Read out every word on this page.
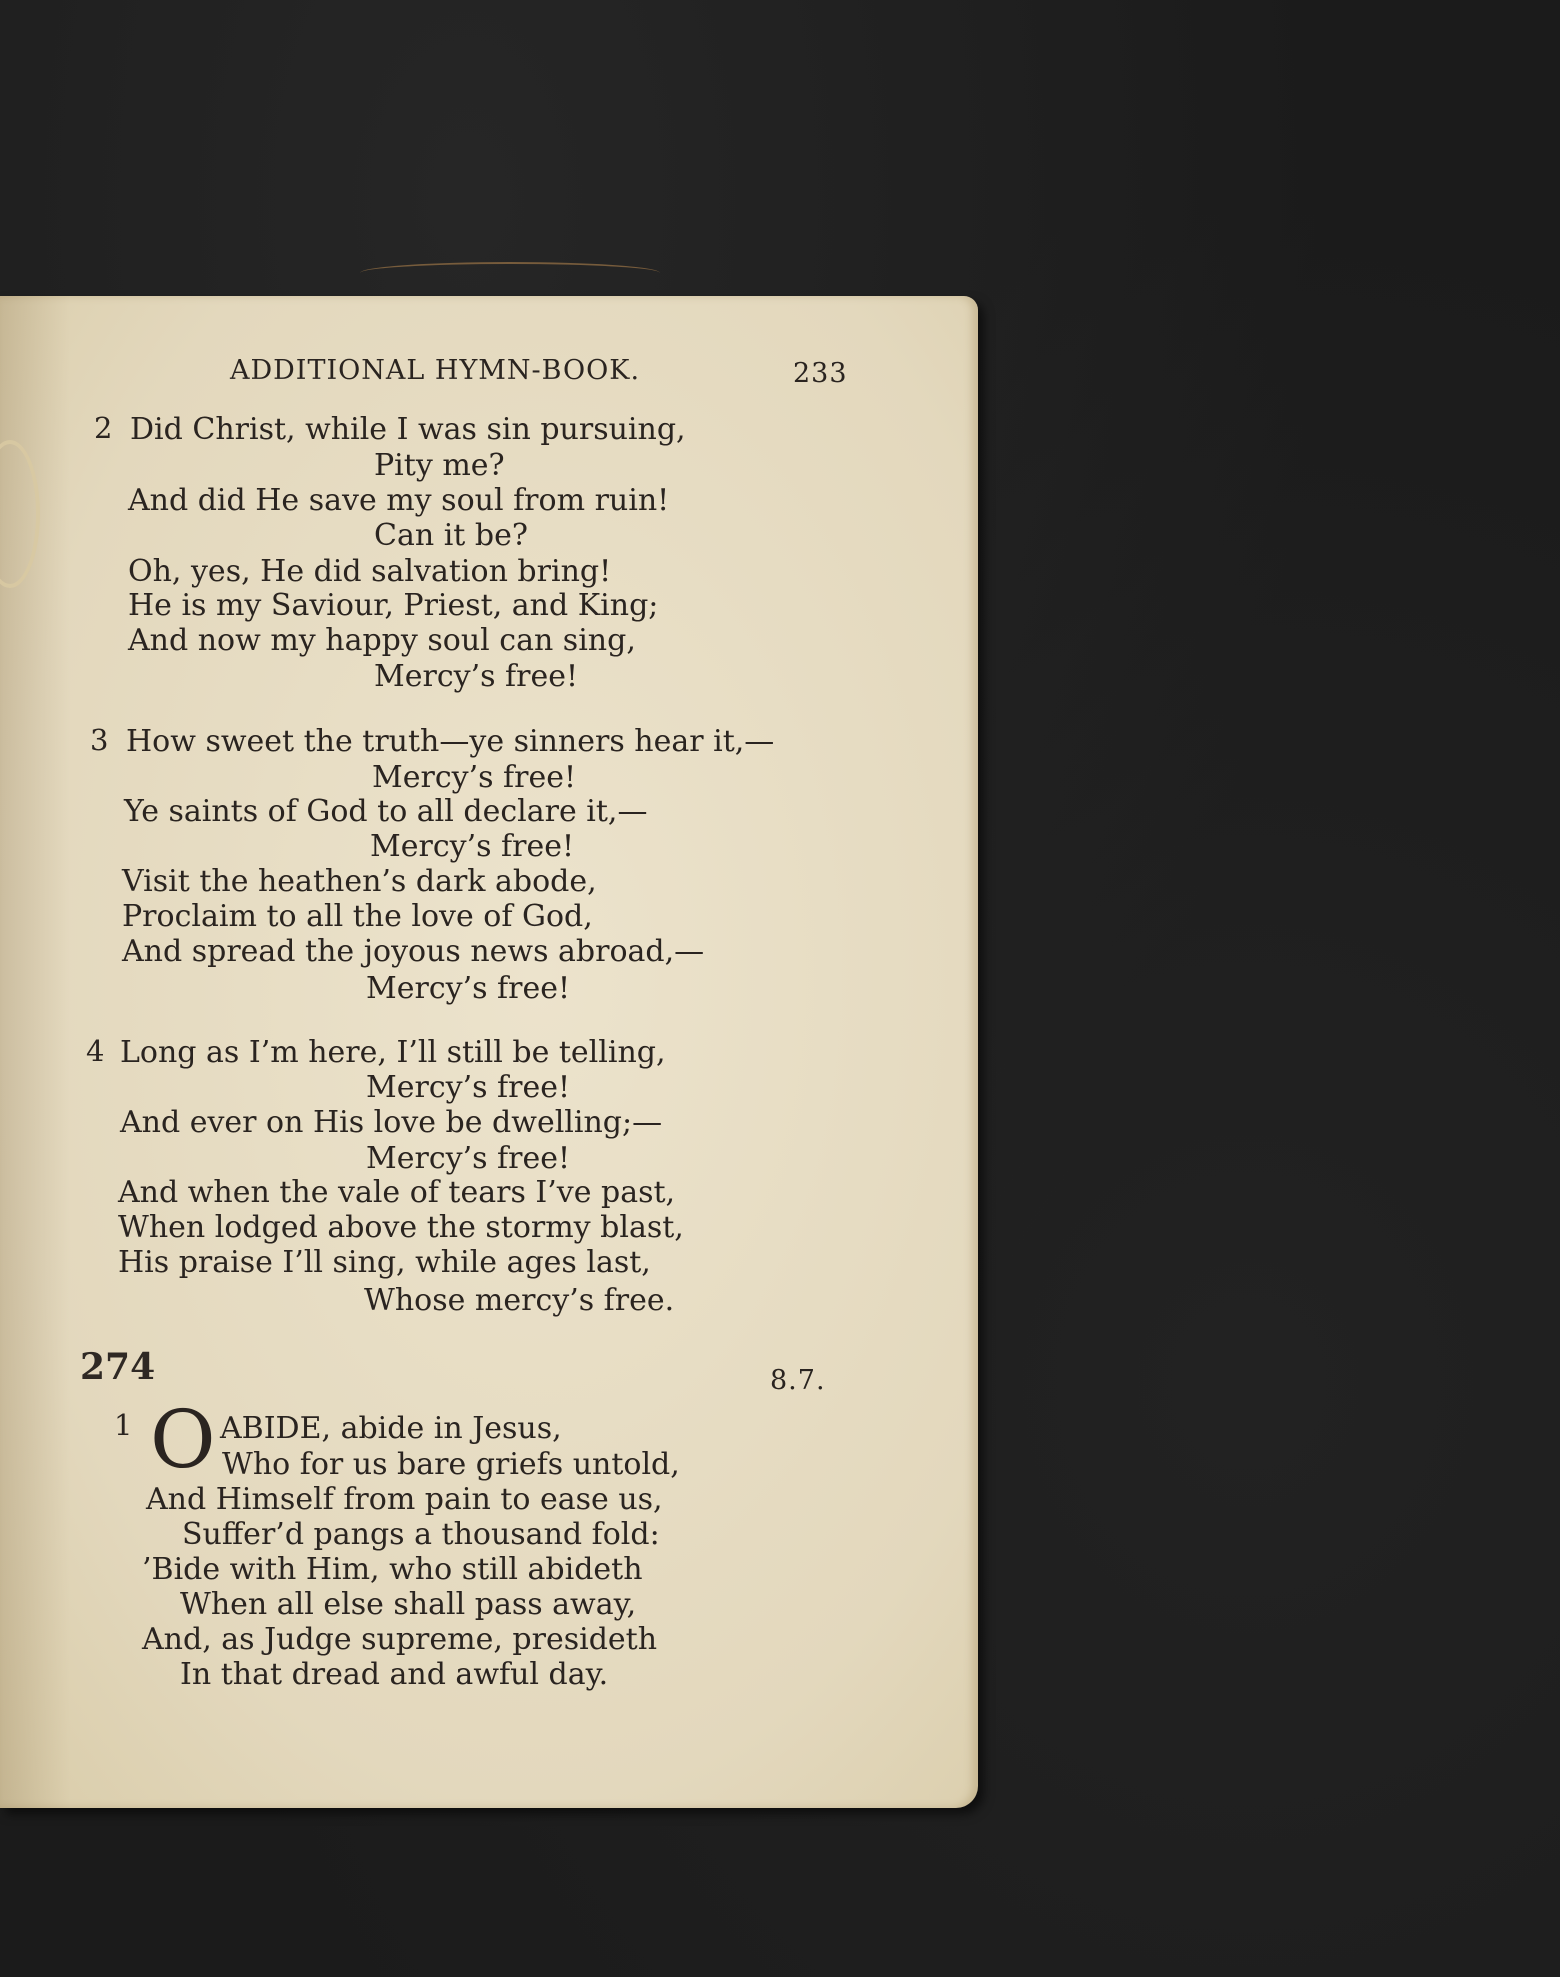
ADDITIONAL HYMN-BOOK.	233
2 Did Christ, while I was sin pursuing,
Pity me?
And did He save my soul from ruin!
Can it be?
Oh, yes, He did salvation bring!
He is my Saviour, Priest, and King;
And now my happy soul can sing,
Mercy’s free!
3 How sweet the truth—ye sinners hear it,—
Mercy’s free!
Ye saints of God to all declare it,—
Mercy’s free!
Visit the heathen’s dark abode,
Proclaim to all the love of God,
And spread the joyous news abroad,—
Mercy’s free!
4 Long as I’m here, I’ll still be telling,
Mercy’s free!
And ever on His love be dwelling;—
Mercy’s free!
And when the vale of tears I’ve past,
When lodged above the stormy blast,
His praise I’ll sing, while ages last,
Whose mercy’s free.
274	8.7.
1 O ABIDE, abide in Jesus,
Who for us bare griefs untold,
And Himself from pain to ease us,
Suffer’d pangs a thousand fold:
’Bide with Him, who still abideth
When all else shall pass away,
And, as Judge supreme, presideth
In that dread and awful day.
